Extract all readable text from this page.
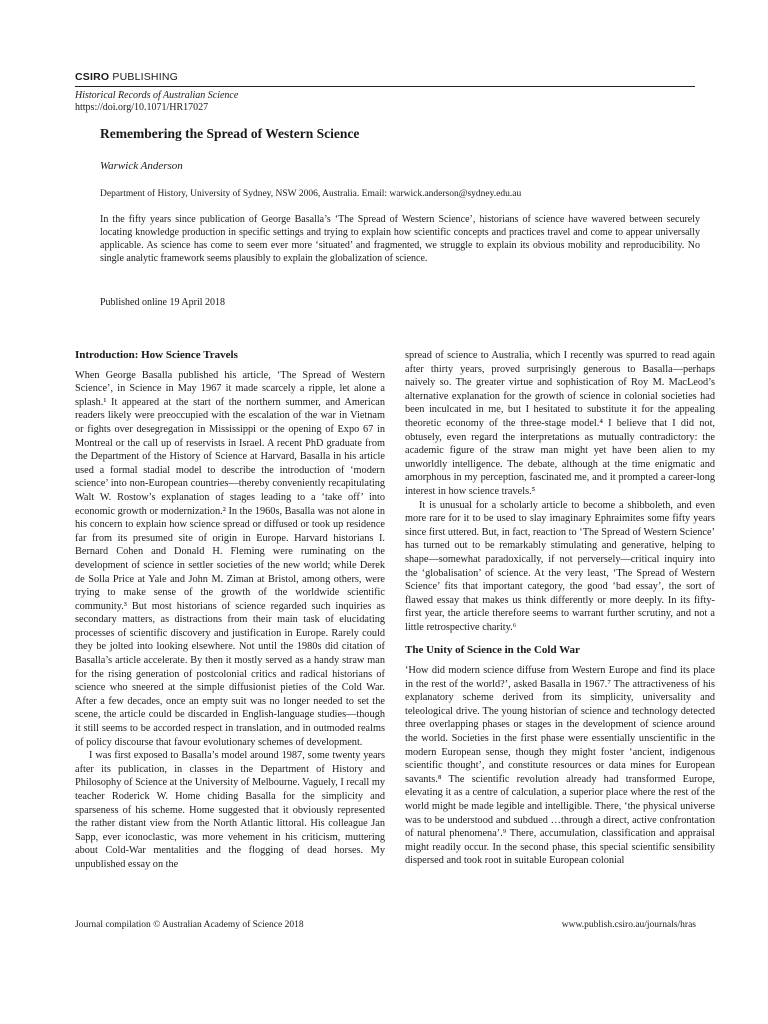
CSIRO PUBLISHING
Historical Records of Australian Science
https://doi.org/10.1071/HR17027
Remembering the Spread of Western Science
Warwick Anderson
Department of History, University of Sydney, NSW 2006, Australia. Email: warwick.anderson@sydney.edu.au
In the fifty years since publication of George Basalla’s ‘The Spread of Western Science’, historians of science have wavered between securely locating knowledge production in specific settings and trying to explain how scientific concepts and practices travel and come to appear universally applicable. As science has come to seem ever more ‘situated’ and fragmented, we struggle to explain its obvious mobility and reproducibility. No single analytic framework seems plausibly to explain the globalization of science.
Published online 19 April 2018
Introduction: How Science Travels

When George Basalla published his article, ‘The Spread of Western Science’, in Science in May 1967 it made scarcely a ripple, let alone a splash.¹ It appeared at the start of the northern summer, and American readers likely were preoccupied with the escalation of the war in Vietnam or fights over desegregation in Mississippi or the opening of Expo 67 in Montreal or the call up of reservists in Israel. A recent PhD graduate from the Department of the History of Science at Harvard, Basalla in his article used a formal stadial model to describe the introduction of ‘modern science’ into non-European countries—thereby conveniently recapitulating Walt W. Rostow’s explanation of stages leading to a ‘take off’ into economic growth or modernization.² In the 1960s, Basalla was not alone in his concern to explain how science spread or diffused or took up residence far from its presumed site of origin in Europe. Harvard historians I. Bernard Cohen and Donald H. Fleming were ruminating on the development of science in settler societies of the new world; while Derek de Solla Price at Yale and John M. Ziman at Bristol, among others, were trying to make sense of the growth of the worldwide scientific community.³ But most historians of science regarded such inquiries as secondary matters, as distractions from their main task of elucidating processes of scientific discovery and justification in Europe. Rarely could they be jolted into looking elsewhere. Not until the 1980s did citation of Basalla’s article accelerate. By then it mostly served as a handy straw man for the rising generation of postcolonial critics and radical historians of science who sneered at the simple diffusionist pieties of the Cold War. After a few decades, once an empty suit was no longer needed to set the scene, the article could be discarded in English-language studies—though it still seems to be accorded respect in translation, and in outmoded realms of policy discourse that favour evolutionary schemes of development.

I was first exposed to Basalla’s model around 1987, some twenty years after its publication, in classes in the Department of History and Philosophy of Science at the University of Melbourne. Vaguely, I recall my teacher Roderick W. Home chiding Basalla for the simplicity and sparseness of his scheme. Home suggested that it obviously represented the rather distant view from the North Atlantic littoral. His colleague Jan Sapp, ever iconoclastic, was more vehement in his criticism, muttering about Cold-War mentalities and the flogging of dead horses. My unpublished essay on the

spread of science to Australia, which I recently was spurred to read again after thirty years, proved surprisingly generous to Basalla—perhaps naively so. The greater virtue and sophistication of Roy M. MacLeod’s alternative explanation for the growth of science in colonial societies had been inculcated in me, but I hesitated to substitute it for the appealing theoretic economy of the three-stage model.⁴ I believe that I did not, obtusely, even regard the interpretations as mutually contradictory: the academic figure of the straw man might yet have been alien to my unworldly intelligence. The debate, although at the time enigmatic and amorphous in my perception, fascinated me, and it prompted a career-long interest in how science travels.⁵

It is unusual for a scholarly article to become a shibboleth, and even more rare for it to be used to slay imaginary Ephraimites some fifty years since first uttered. But, in fact, reaction to ‘The Spread of Western Science’ has turned out to be remarkably stimulating and generative, helping to shape—somewhat paradoxically, if not perversely—critical inquiry into the ‘globalisation’ of science. At the very least, ‘The Spread of Western Science’ fits that important category, the good ‘bad essay’, the sort of flawed essay that makes us think differently or more deeply. In its fifty-first year, the article therefore seems to warrant further scrutiny, and not a little retrospective charity.⁶

The Unity of Science in the Cold War

‘How did modern science diffuse from Western Europe and find its place in the rest of the world?’, asked Basalla in 1967.⁷ The attractiveness of his explanatory scheme derived from its simplicity, universality and teleological drive. The young historian of science and technology detected three overlapping phases or stages in the development of science around the world. Societies in the first phase were essentially unscientific in the modern European sense, though they might foster ‘ancient, indigenous scientific thought’, and constitute resources or data mines for European savants.⁸ The scientific revolution already had transformed Europe, elevating it as a centre of calculation, a superior place where the rest of the world might be made legible and intelligible. There, ‘the physical universe was to be understood and subdued …through a direct, active confrontation of natural phenomena’.⁹ There, accumulation, classification and appraisal might readily occur. In the second phase, this special scientific sensibility dispersed and took root in suitable European colonial

Journal compilation © Australian Academy of Science 2018	www.publish.csiro.au/journals/hras
